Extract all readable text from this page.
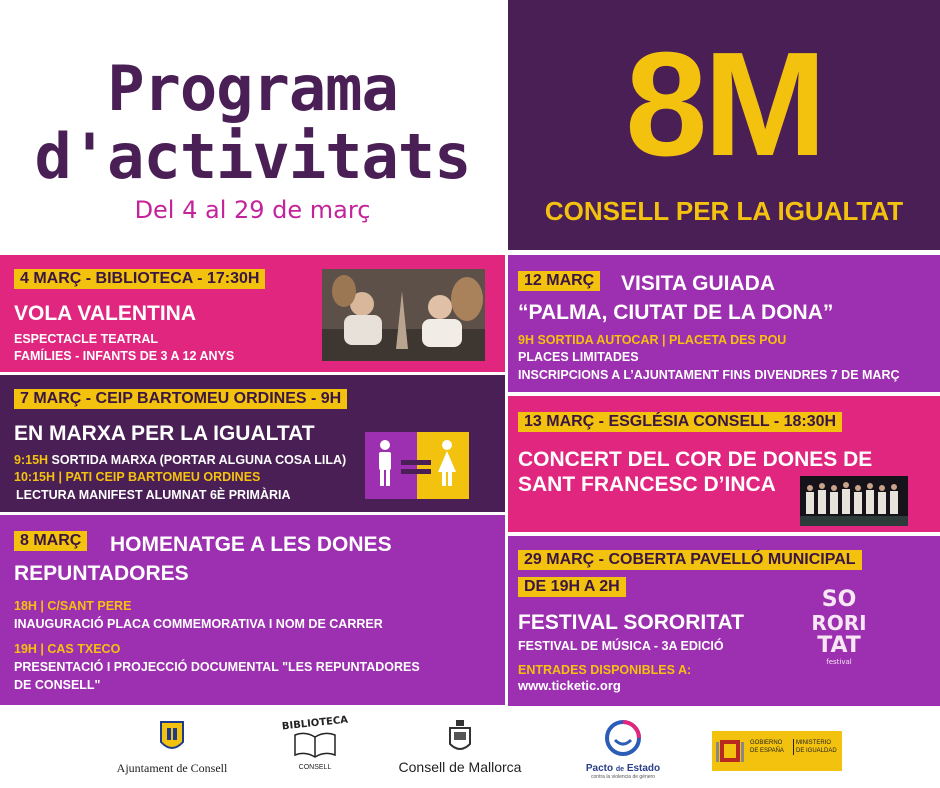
Programa
d'activitats
Del 4 al 29 de març
8M
CONSELL PER LA IGUALTAT
4 MARÇ - BIBLIOTECA - 17:30H
VOLA VALENTINA
ESPECTACLE TEATRAL
FAMÍLIES - INFANTS DE 3 A 12 ANYS
7 MARÇ - CEIP BARTOMEU ORDINES - 9H
EN MARXA PER LA IGUALTAT
9:15H SORTIDA MARXA (PORTAR ALGUNA COSA LILA)
10:15H | PATI CEIP BARTOMEU ORDINES
LECTURA MANIFEST ALUMNAT 6È PRIMÀRIA
8 MARÇ HOMENATGE A LES DONES
REPUNTADORES
18H | C/SANT PERE
INAUGURACIÓ PLACA COMMEMORATIVA I NOM DE CARRER
19H | CAS TXECO
PRESENTACIÓ I PROJECCIÓ DOCUMENTAL "LES REPUNTADORES
DE CONSELL"
12 MARÇ VISITA GUIADA
“PALMA, CIUTAT DE LA DONA”
9H SORTIDA AUTOCAR | PLACETA DES POU
PLACES LIMITADES
INSCRIPCIONS A L’AJUNTAMENT FINS DIVENDRES 7 DE MARÇ
13 MARÇ - ESGLÉSIA CONSELL - 18:30H
CONCERT DEL COR DE DONES DE
SANT FRANCESC D’INCA
29 MARÇ - COBERTA PAVELLÓ MUNICIPAL
DE 19H A 2H
FESTIVAL SORORITAT
FESTIVAL DE MÚSICA - 3A EDICIÓ
ENTRADES DISPONIBLES A:
www.ticketic.org
SO
RORI
TAT
festival
Ajuntament de Consell
BIBLIOTECA
CONSELL	Consell de Mallorca	Pacto de Estado
contra la violencia de género
GOBIERNO DE ESPAÑA
MINISTERIO DE IGUALDAD
